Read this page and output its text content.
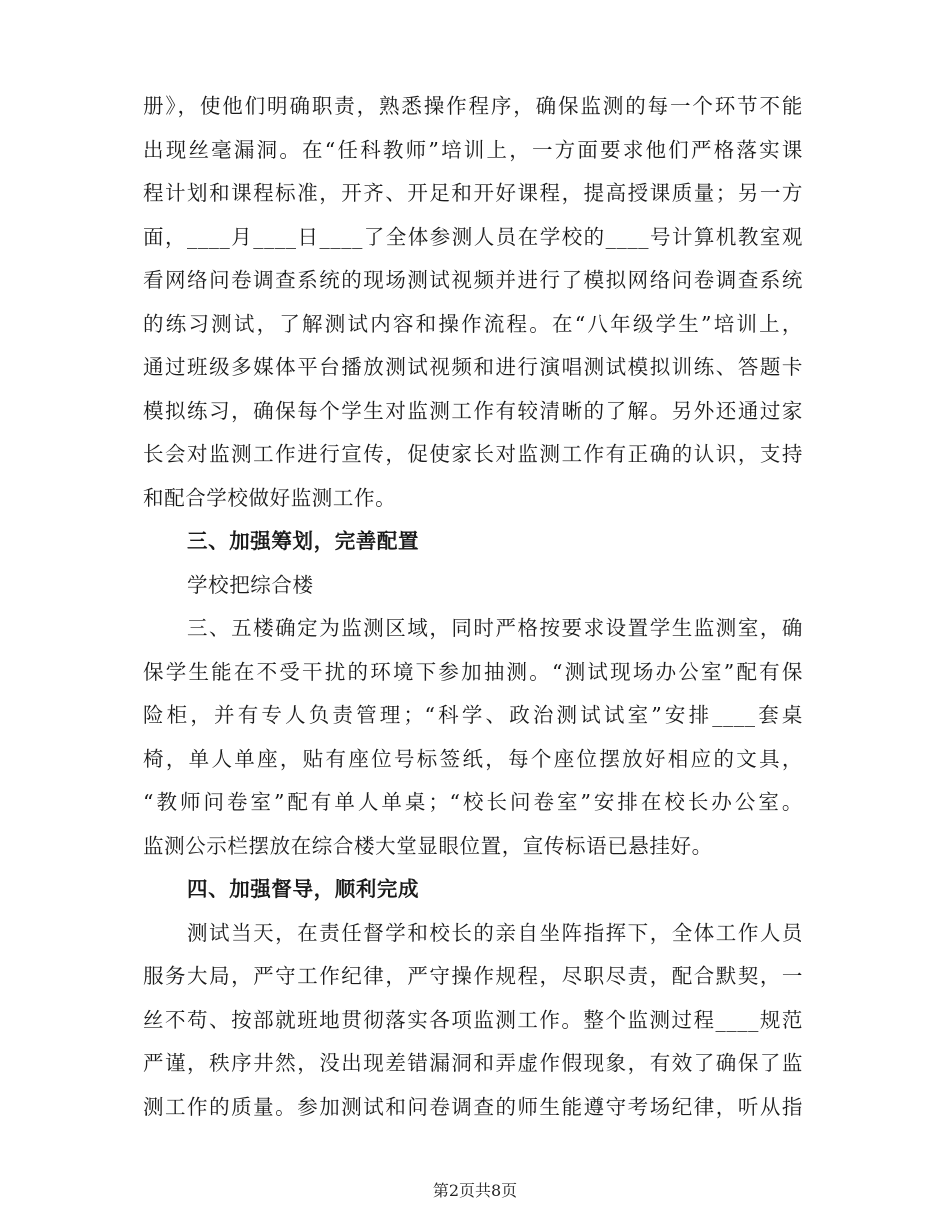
册》，使他们明确职责，熟悉操作程序，确保监测的每一个环节不能
出现丝毫漏洞。在“任科教师”培训上，一方面要求他们严格落实课
程计划和课程标准，开齐、开足和开好课程，提高授课质量；另一方
面，____月____日____了全体参测人员在学校的____号计算机教室观
看网络问卷调查系统的现场测试视频并进行了模拟网络问卷调查系统
的练习测试，了解测试内容和操作流程。在“八年级学生”培训上，
通过班级多媒体平台播放测试视频和进行演唱测试模拟训练、答题卡
模拟练习，确保每个学生对监测工作有较清晰的了解。另外还通过家
长会对监测工作进行宣传，促使家长对监测工作有正确的认识，支持
和配合学校做好监测工作。
三、加强筹划，完善配置
学校把综合楼
三、五楼确定为监测区域，同时严格按要求设置学生监测室，确
保学生能在不受干扰的环境下参加抽测。“测试现场办公室”配有保
险柜，并有专人负责管理；“科学、政治测试试室”安排____套桌
椅，单人单座，贴有座位号标签纸，每个座位摆放好相应的文具，
“教师问卷室”配有单人单桌；“校长问卷室”安排在校长办公室。
监测公示栏摆放在综合楼大堂显眼位置，宣传标语已悬挂好。
四、加强督导，顺利完成
测试当天，在责任督学和校长的亲自坐阵指挥下，全体工作人员
服务大局，严守工作纪律，严守操作规程，尽职尽责，配合默契，一
丝不苟、按部就班地贯彻落实各项监测工作。整个监测过程____规范
严谨，秩序井然，没出现差错漏洞和弄虚作假现象，有效了确保了监
测工作的质量。参加测试和问卷调查的师生能遵守考场纪律，听从指
第2页共8页
